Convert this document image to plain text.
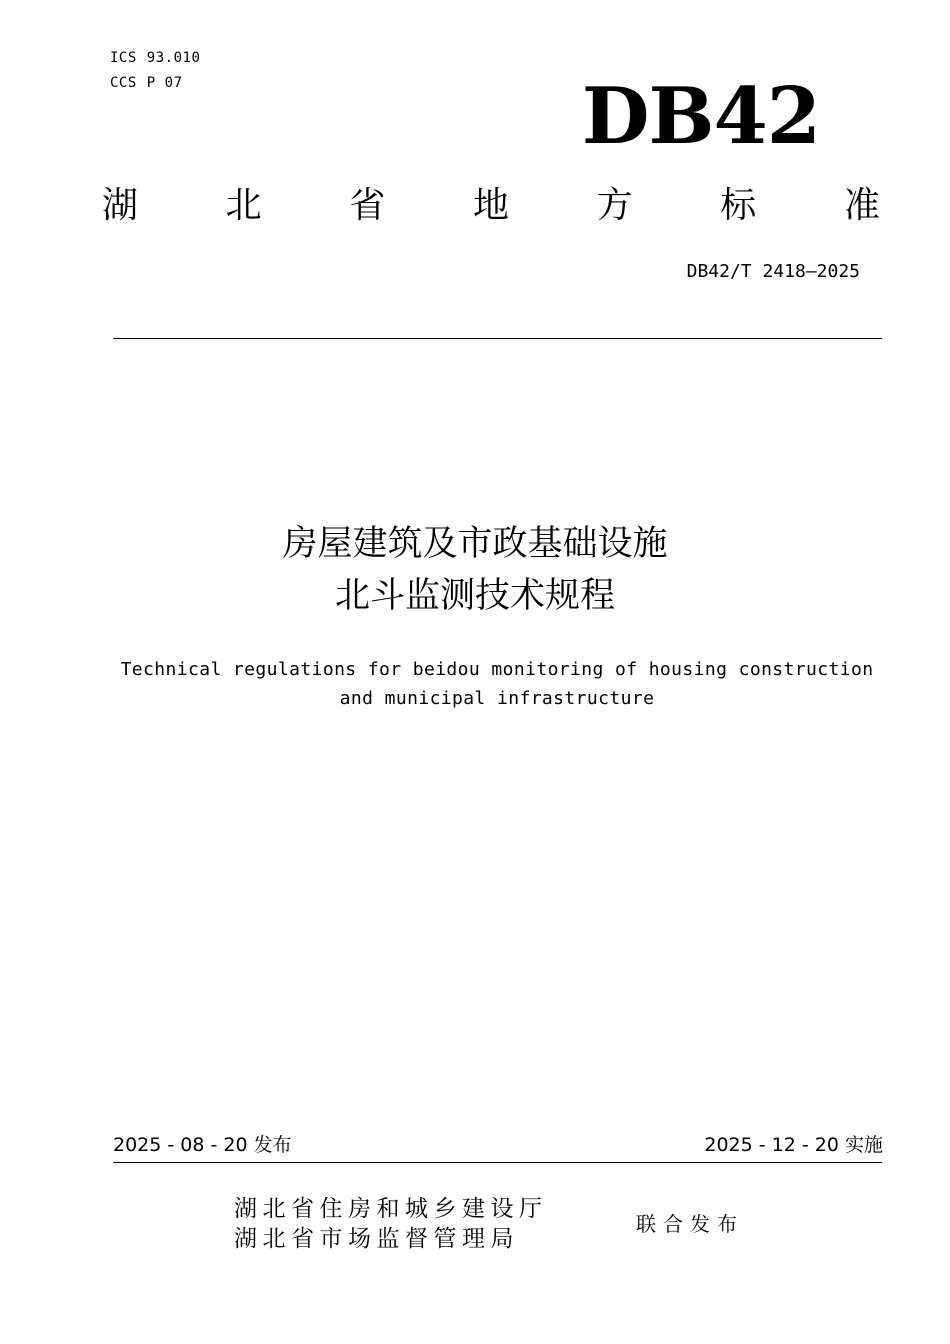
ICS 93.010
CCS P 07	DB42
湖 北 省 地 方 标 准
DB42/T 2418—2025
房屋建筑及市政基础设施
北斗监测技术规程
Technical regulations for beidou monitoring of housing construction
and municipal infrastructure
2025 - 08 - 20 发布	2025 - 12 - 20 实施
湖北省住房和城乡建设厅
湖北省市场监督管理局
联合发布
